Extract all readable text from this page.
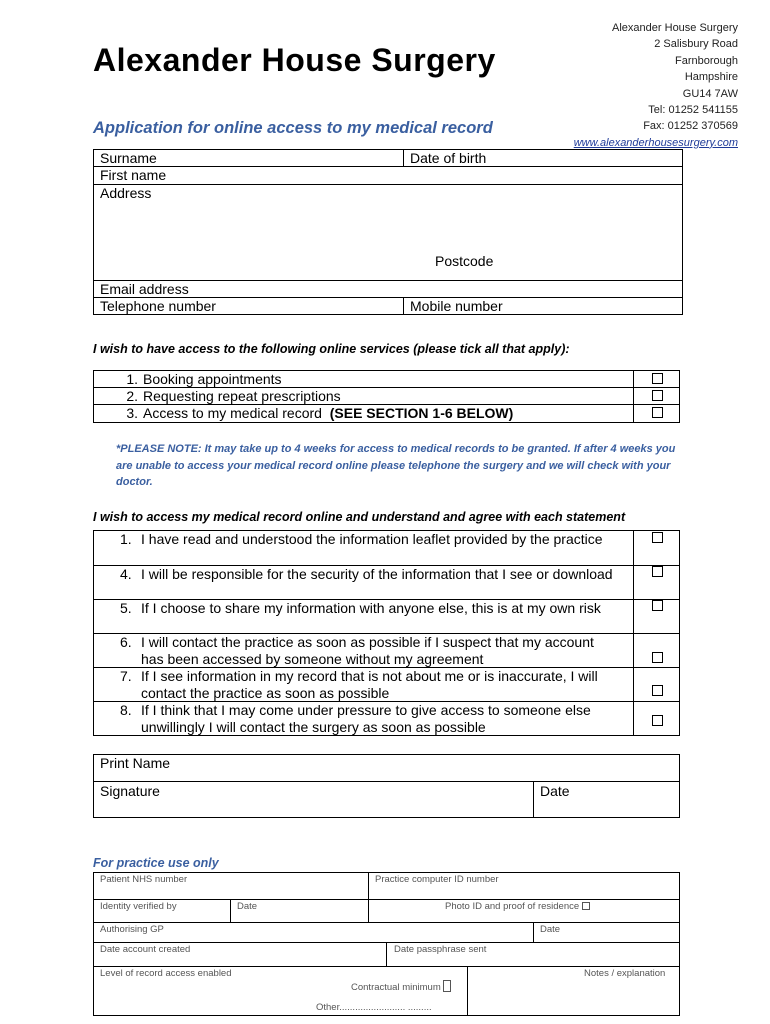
Alexander House Surgery
Alexander House Surgery
2 Salisbury Road
Farnborough
Hampshire
GU14 7AW
Tel: 01252 541155
Fax: 01252 370569
www.alexanderhousesurgery.com
Application for online access to my medical record
Surname	Date of birth
First name
Address
Postcode
Email address
Telephone number	Mobile number
I wish to have access to the following online services (please tick all that apply):
1. Booking appointments
2. Requesting repeat prescriptions
3. Access to my medical record (SEE SECTION 1-6 BELOW)
*PLEASE NOTE: It may take up to 4 weeks for access to medical records to be granted. If after 4 weeks you are unable to access your medical record online please telephone the surgery and we will check with your doctor.
I wish to access my medical record online and understand and agree with each statement
1. I have read and understood the information leaflet provided by the practice
4. I will be responsible for the security of the information that I see or download
5. If I choose to share my information with anyone else, this is at my own risk
6. I will contact the practice as soon as possible if I suspect that my account has been accessed by someone without my agreement
7. If I see information in my record that is not about me or is inaccurate, I will contact the practice as soon as possible
8. If I think that I may come under pressure to give access to someone else unwillingly I will contact the surgery as soon as possible
Print Name
Signature	Date
For practice use only
Patient NHS number	Practice computer ID number
Identity verified by	Date	Photo ID and proof of residence
Authorising GP	Date
Date account created	Date passphrase sent
Level of record access enabled	Notes / explanation
Contractual minimum
Other......................... .........
